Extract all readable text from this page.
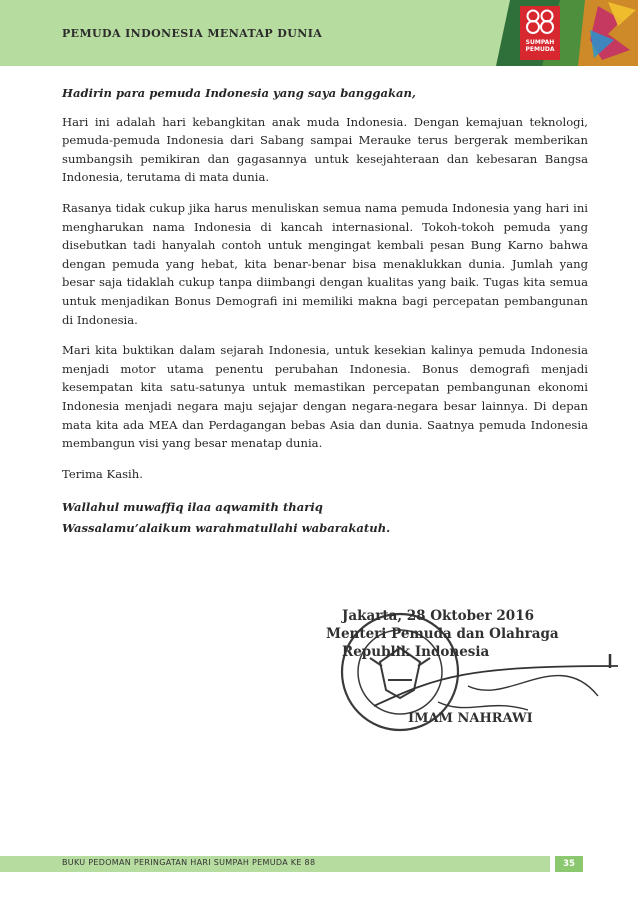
PEMUDA INDONESIA MENATAP DUNIA
SUMPAH
PEMUDA

Hadirin para pemuda Indonesia yang saya banggakan,

Hari ini adalah hari kebangkitan anak muda Indonesia. Dengan kemajuan teknologi, pemuda-pemuda Indonesia dari Sabang sampai Merauke terus bergerak memberikan sumbangsih pemikiran dan gagasannya untuk kesejahteraan dan kebesaran Bangsa Indonesia, terutama di mata dunia.

Rasanya tidak cukup jika harus menuliskan semua nama pemuda Indonesia yang hari ini mengharukan nama Indonesia di kancah internasional. Tokoh-tokoh pemuda yang disebutkan tadi hanyalah contoh untuk mengingat kembali pesan Bung Karno bahwa dengan pemuda yang hebat, kita benar-benar bisa menaklukkan dunia. Jumlah yang besar saja tidaklah cukup tanpa diimbangi dengan kualitas yang baik. Tugas kita semua untuk menjadikan Bonus Demografi ini memiliki makna bagi percepatan pembangunan di Indonesia.

Mari kita buktikan dalam sejarah Indonesia, untuk kesekian kalinya pemuda Indonesia menjadi motor utama penentu perubahan Indonesia. Bonus demografi menjadi kesempatan kita satu-satunya untuk memastikan percepatan pembangunan ekonomi Indonesia menjadi negara maju sejajar dengan negara-negara besar lainnya. Di depan mata kita ada MEA dan Perdagangan bebas Asia dan dunia. Saatnya pemuda Indonesia membangun visi yang besar menatap dunia.

Terima Kasih.

Wallahul muwaffiq ilaa aqwamith thariq

Wassalamu’alaikum warahmatullahi wabarakatuh.

Jakarta, 28 Oktober 2016
Menteri Pemuda dan Olahraga
Republik Indonesia
IMAM NAHRAWI
BUKU PEDOMAN PERINGATAN HARI SUMPAH PEMUDA KE 88	35
